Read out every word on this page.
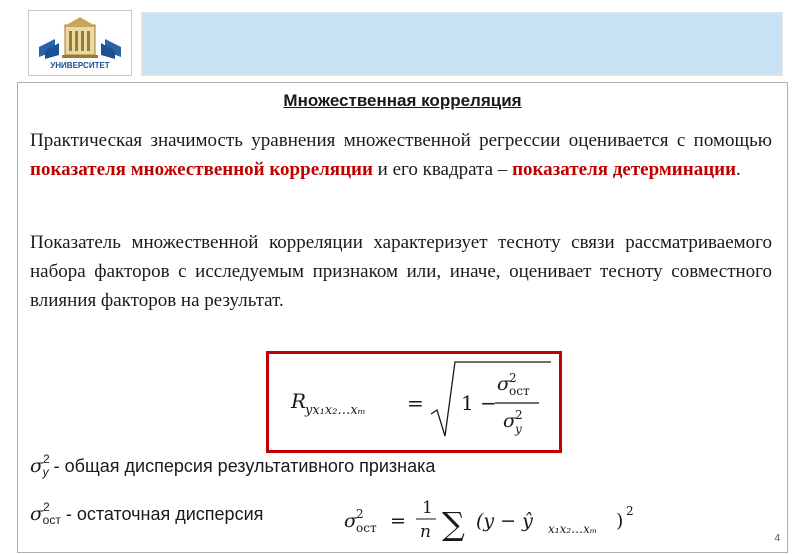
УНИВЕРСИТЕТ
Множественная корреляция
Практическая значимость уравнения множественной регрессии оценивается с помощью показателя множественной корреляции и его квадрата – показателя детерминации.
Показатель множественной корреляции характеризует тесноту связи рассматриваемого набора факторов с исследуемым признаком или, иначе, оценивает тесноту совместного влияния факторов на результат.
R
yx₁x₂…xₘ = 1 −
σ 2
ост
σ 2
y
$\sigma^2_y$ - общая дисперсия результативного признака
$\sigma^2_{ост}$ - остаточная дисперсия	σ 2
ост =
1
n ∑ (y − ŷ x₁x₂…xₘ ) 2
4
